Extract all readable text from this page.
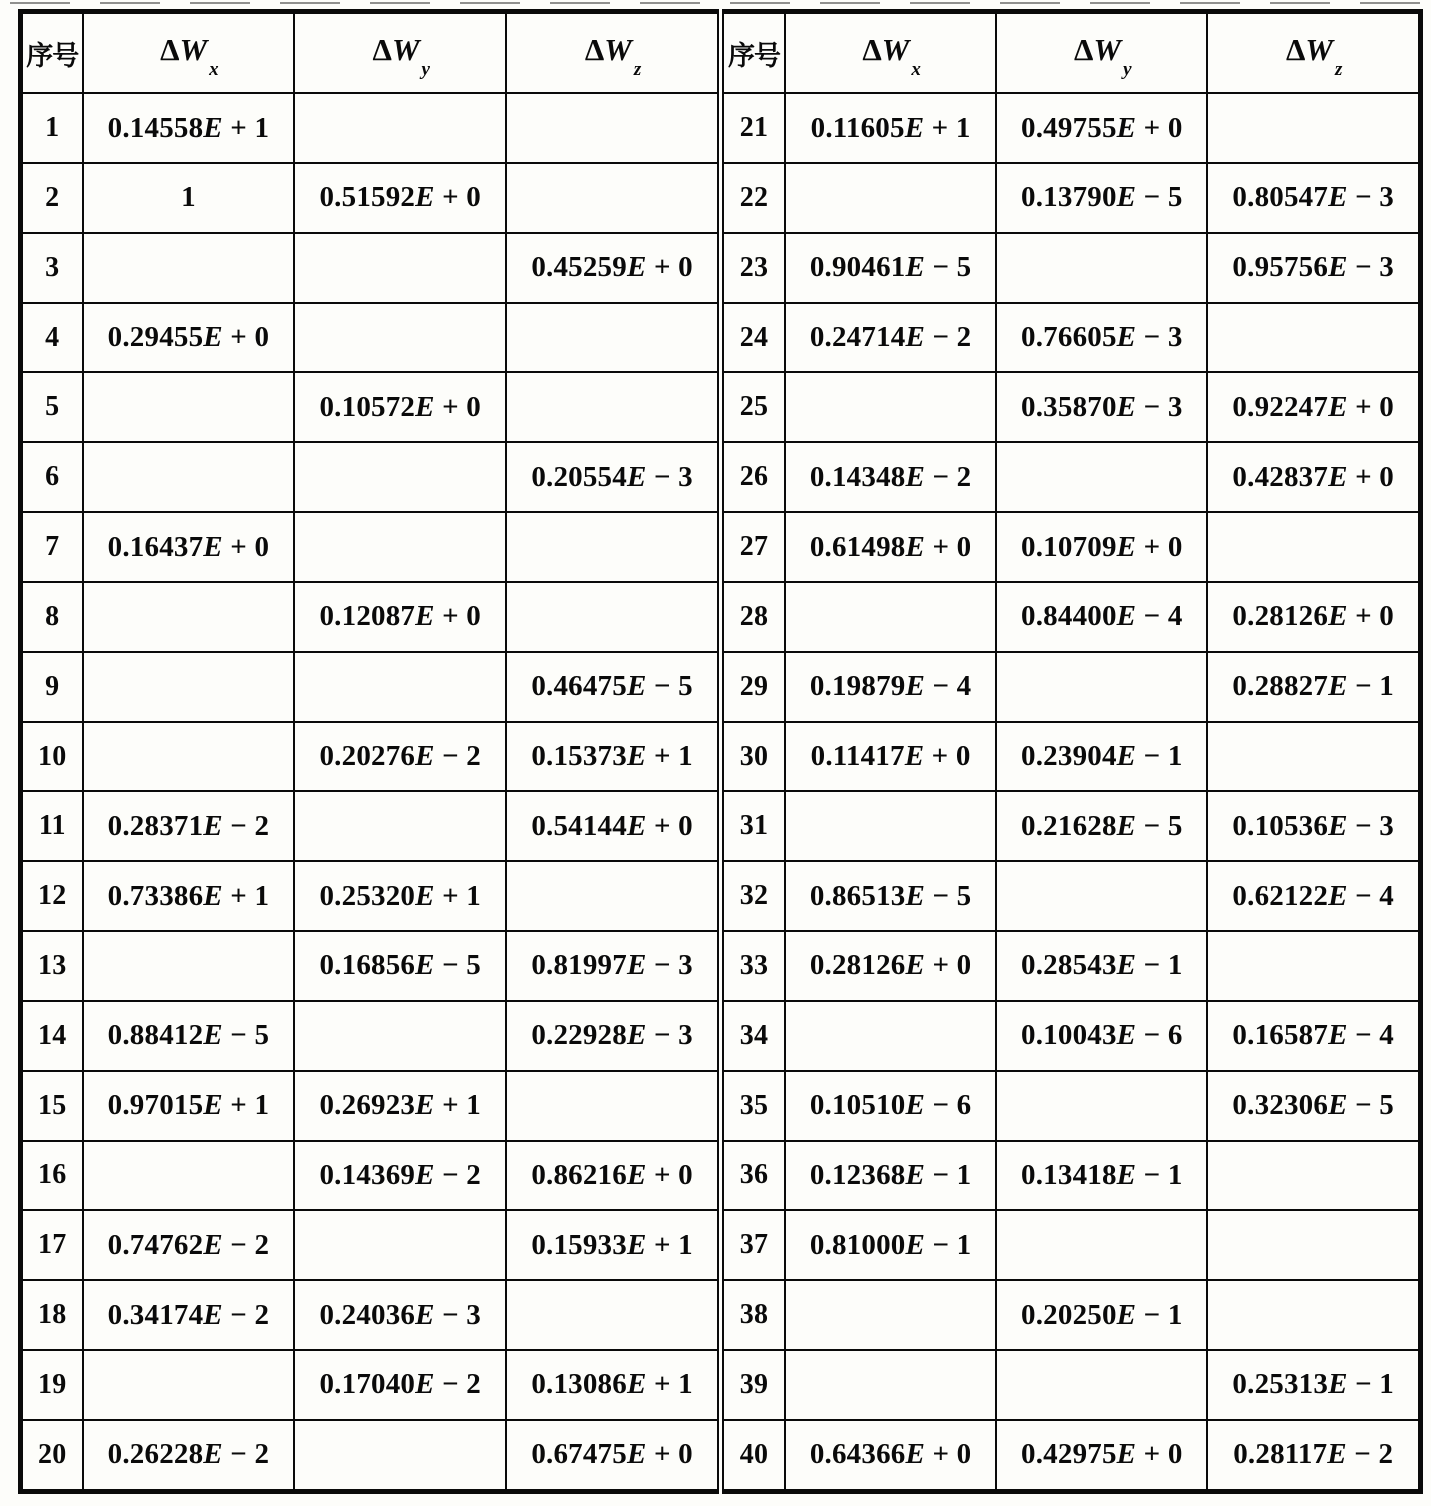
序号	$\Delta W_x$	$\Delta W_y$	$\Delta W_z$
1	0.14558E + 1		
2	1	0.51592E + 0	
3			0.45259E + 0
4	0.29455E + 0		
5		0.10572E + 0	
6			0.20554E − 3
7	0.16437E + 0		
8		0.12087E + 0	
9			0.46475E − 5
10		0.20276E − 2	0.15373E + 1
11	0.28371E − 2		0.54144E + 0
12	0.73386E + 1	0.25320E + 1	
13		0.16856E − 5	0.81997E − 3
14	0.88412E − 5		0.22928E − 3
15	0.97015E + 1	0.26923E + 1	
16		0.14369E − 2	0.86216E + 0
17	0.74762E − 2		0.15933E + 1
18	0.34174E − 2	0.24036E − 3	
19		0.17040E − 2	0.13086E + 1
20	0.26228E − 2		0.67475E + 0
序号	$\Delta W_x$	$\Delta W_y$	$\Delta W_z$
21	0.11605E + 1	0.49755E + 0	
22		0.13790E − 5	0.80547E − 3
23	0.90461E − 5		0.95756E − 3
24	0.24714E − 2	0.76605E − 3	
25		0.35870E − 3	0.92247E + 0
26	0.14348E − 2		0.42837E + 0
27	0.61498E + 0	0.10709E + 0	
28		0.84400E − 4	0.28126E + 0
29	0.19879E − 4		0.28827E − 1
30	0.11417E + 0	0.23904E − 1	
31		0.21628E − 5	0.10536E − 3
32	0.86513E − 5		0.62122E − 4
33	0.28126E + 0	0.28543E − 1	
34		0.10043E − 6	0.16587E − 4
35	0.10510E − 6		0.32306E − 5
36	0.12368E − 1	0.13418E − 1	
37	0.81000E − 1		
38		0.20250E − 1	
39			0.25313E − 1
40	0.64366E + 0	0.42975E + 0	0.28117E − 2
